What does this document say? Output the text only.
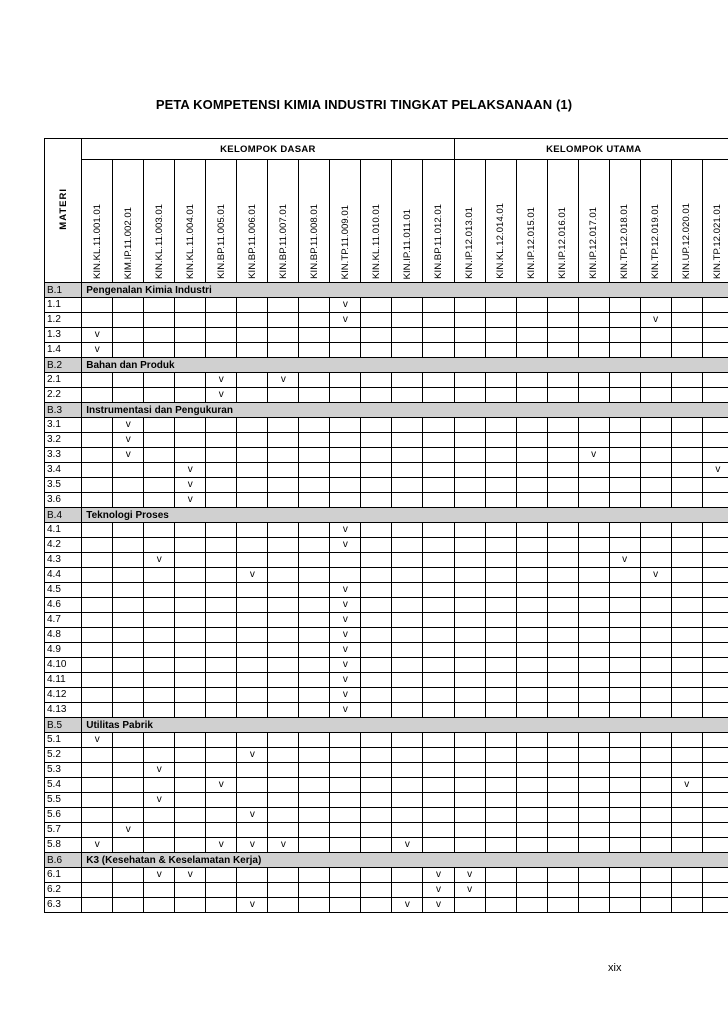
PETA KOMPETENSI KIMIA INDUSTRI TINGKAT PELAKSANAAN (1)
MATERI	KELOMPOK DASAR												KELOMPOK UTAMA								
	KIN.KL.11.001.01	KIM.IP.11.002.01	KIN.KL.11.003.01	KIN.KL.11.004.01	KIN.BP.11.005.01	KIN.BP.11.006.01	KIN.BP.11.007.01	KIN.BP.11.008.01	KIN.TP.11.009.01	KIN.KL.11.010.01	KIN.IP.11.011.01	KIN.BP.11.012.01	KIN.IP.12.013.01	KIN.KL.12.014.01	KIN.IP.12.015.01	KIN.IP.12.016.01	KIN.IP.12.017.01	KIN.TP.12.018.01	KIN.TP.12.019.01	KIN.UP.12.020.01	KIN.TP.12.021.01
B.1	Pengenalan Kimia Industri																				
1.1									v												
1.2									v										v		
1.3	v																				
1.4	v																				
B.2	Bahan dan Produk																				
2.1					v		v														
2.2					v																
B.3	Instrumentasi dan Pengukuran																				
3.1		v																			
3.2		v																			
3.3		v															v				
3.4				v																	v
3.5				v																	
3.6				v																	
B.4	Teknologi Proses																				
4.1									v												
4.2									v												
4.3			v															v			
4.4						v													v		
4.5									v												
4.6									v												
4.7									v												
4.8									v												
4.9									v												
4.10									v												
4.11									v												
4.12									v												
4.13									v												
B.5	Utilitas Pabrik																				
5.1	v																				
5.2						v															
5.3			v																		
5.4					v															v	
5.5			v																		
5.6						v															
5.7		v																			
5.8	v				v	v	v				v										
B.6	K3 (Kesehatan & Keselamatan Kerja)																				
6.1			v	v								v	v								
6.2												v	v								
6.3						v					v	v									
xix
